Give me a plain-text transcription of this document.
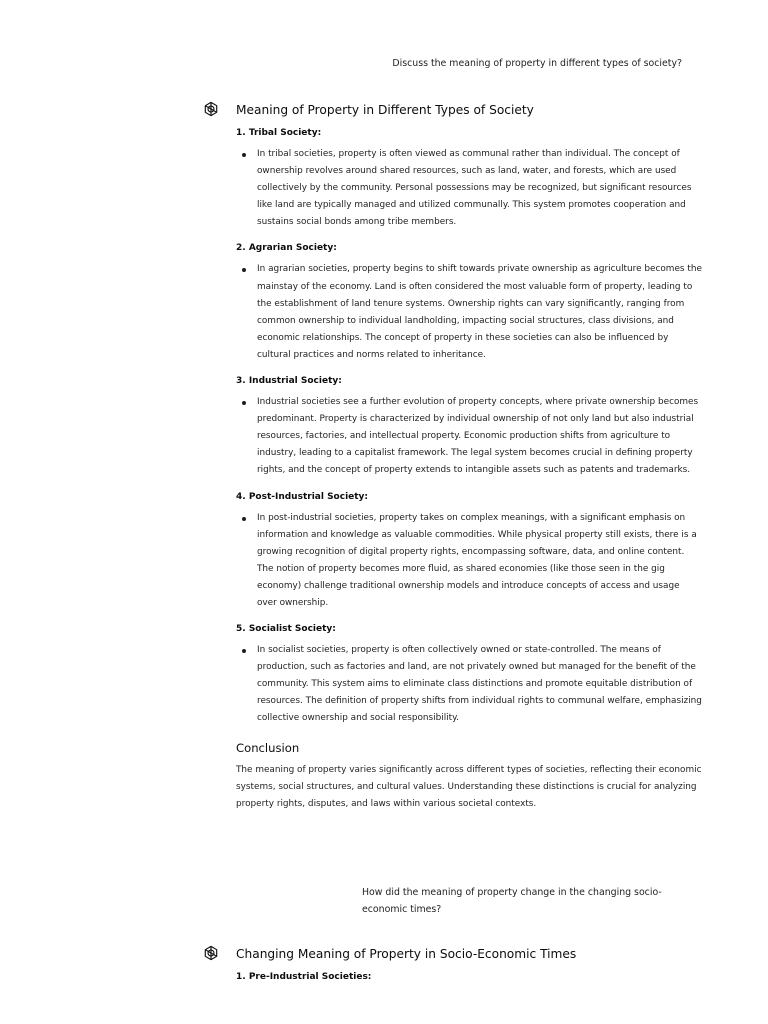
Discuss the meaning of property in different types of society?
Meaning of Property in Different Types of Society
1. Tribal Society:
In tribal societies, property is often viewed as communal rather than individual. The concept of ownership revolves around shared resources, such as land, water, and forests, which are used collectively by the community. Personal possessions may be recognized, but significant resources like land are typically managed and utilized communally. This system promotes cooperation and sustains social bonds among tribe members.
2. Agrarian Society:
In agrarian societies, property begins to shift towards private ownership as agriculture becomes the mainstay of the economy. Land is often considered the most valuable form of property, leading to the establishment of land tenure systems. Ownership rights can vary significantly, ranging from common ownership to individual landholding, impacting social structures, class divisions, and economic relationships. The concept of property in these societies can also be influenced by cultural practices and norms related to inheritance.
3. Industrial Society:
Industrial societies see a further evolution of property concepts, where private ownership becomes predominant. Property is characterized by individual ownership of not only land but also industrial resources, factories, and intellectual property. Economic production shifts from agriculture to industry, leading to a capitalist framework. The legal system becomes crucial in defining property rights, and the concept of property extends to intangible assets such as patents and trademarks.
4. Post-Industrial Society:
In post-industrial societies, property takes on complex meanings, with a significant emphasis on information and knowledge as valuable commodities. While physical property still exists, there is a growing recognition of digital property rights, encompassing software, data, and online content. The notion of property becomes more fluid, as shared economies (like those seen in the gig economy) challenge traditional ownership models and introduce concepts of access and usage over ownership.
5. Socialist Society:
In socialist societies, property is often collectively owned or state-controlled. The means of production, such as factories and land, are not privately owned but managed for the benefit of the community. This system aims to eliminate class distinctions and promote equitable distribution of resources. The definition of property shifts from individual rights to communal welfare, emphasizing collective ownership and social responsibility.
Conclusion

The meaning of property varies significantly across different types of societies, reflecting their economic systems, social structures, and cultural values. Understanding these distinctions is crucial for analyzing property rights, disputes, and laws within various societal contexts.

How did the meaning of property change in the changing socio-economic times?
Changing Meaning of Property in Socio-Economic Times
1. Pre-Industrial Societies:
